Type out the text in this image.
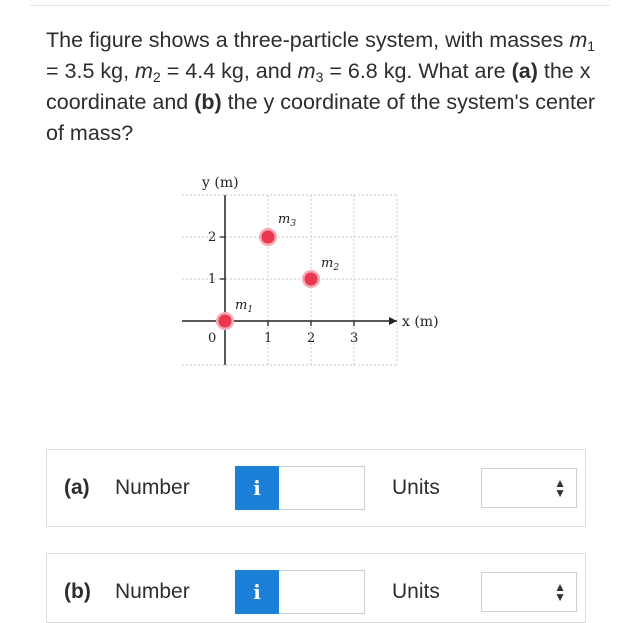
The figure shows a three-particle system, with masses $m_1 = 3.5$ kg, $m_2 = 4.4$ kg, and $m_3 = 6.8$ kg. What are (a) the x coordinate and (b) the y coordinate of the system's center of mass?
y (m)
x (m)
0	1	2	3
1
2
$m_1$
$m_2$
$m_3$
(a) Number	i	Units	▲
▼
(b) Number	i	Units	▲
▼
